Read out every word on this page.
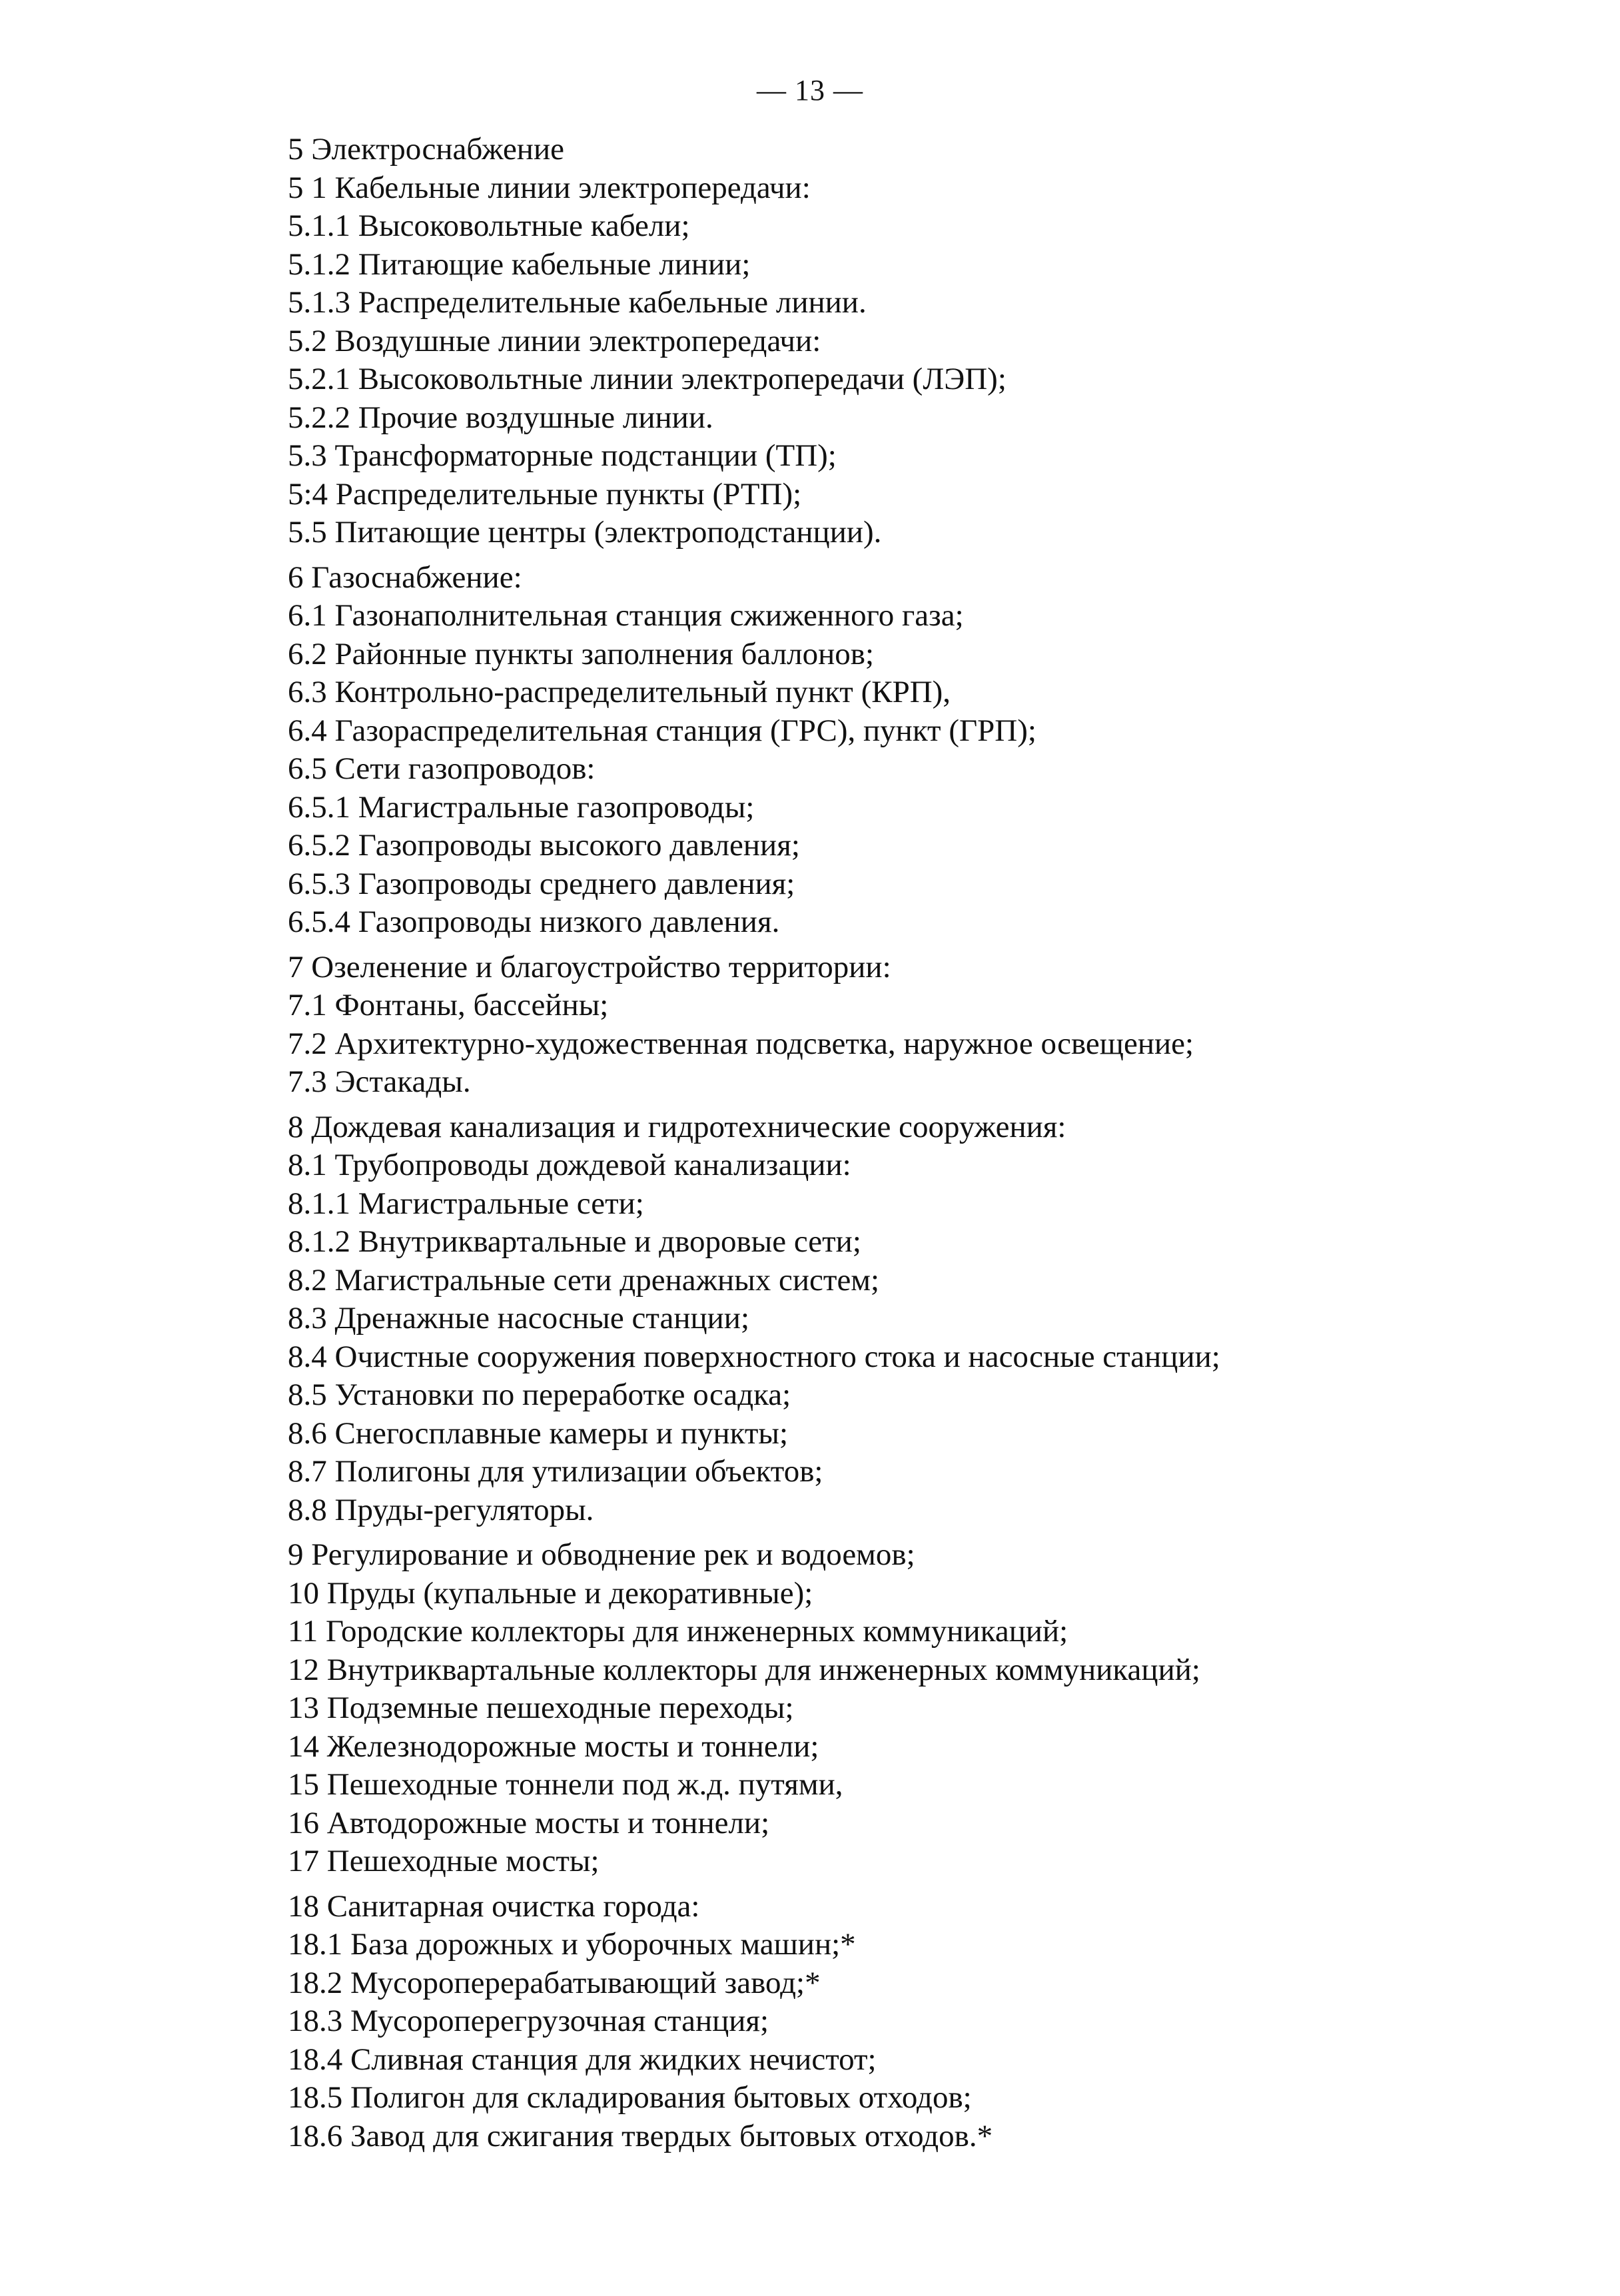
— 13 —
5 Электроснабжение
5 1 Кабельные линии электропередачи:
5.1.1 Высоковольтные кабели;
5.1.2 Питающие кабельные линии;
5.1.3 Распределительные кабельные линии.
5.2 Воздушные линии электропередачи:
5.2.1 Высоковольтные линии электропередачи (ЛЭП);
5.2.2 Прочие воздушные линии.
5.3 Трансформаторные подстанции (ТП);
5:4 Распределительные пункты (РТП);
5.5 Питающие центры (электроподстанции).
6 Газоснабжение:
6.1 Газонаполнительная станция сжиженного газа;
6.2 Районные пункты заполнения баллонов;
6.3 Контрольно-распределительный пункт (КРП),
6.4 Газораспределительная станция (ГРС), пункт (ГРП);
6.5 Сети газопроводов:
6.5.1 Магистральные газопроводы;
6.5.2 Газопроводы высокого давления;
6.5.3 Газопроводы среднего давления;
6.5.4 Газопроводы низкого давления.
7 Озеленение и благоустройство территории:
7.1 Фонтаны, бассейны;
7.2 Архитектурно-художественная подсветка, наружное освещение;
7.3 Эстакады.
8 Дождевая канализация и гидротехнические сооружения:
8.1 Трубопроводы дождевой канализации:
8.1.1 Магистральные сети;
8.1.2 Внутриквартальные и дворовые сети;
8.2 Магистральные сети дренажных систем;
8.3 Дренажные насосные станции;
8.4 Очистные сооружения поверхностного стока и насосные станции;
8.5 Установки по переработке осадка;
8.6 Снегосплавные камеры и пункты;
8.7 Полигоны для утилизации объектов;
8.8 Пруды-регуляторы.
9 Регулирование и обводнение рек и водоемов;
10 Пруды (купальные и декоративные);
11 Городские коллекторы для инженерных коммуникаций;
12 Внутриквартальные коллекторы для инженерных коммуникаций;
13 Подземные пешеходные переходы;
14 Железнодорожные мосты и тоннели;
15 Пешеходные тоннели под ж.д. путями,
16 Автодорожные мосты и тоннели;
17 Пешеходные мосты;
18 Санитарная очистка города:
18.1 База дорожных и уборочных машин;*
18.2 Мусороперерабатывающий завод;*
18.3 Мусороперегрузочная станция;
18.4 Сливная станция для жидких нечистот;
18.5 Полигон для складирования бытовых отходов;
18.6 Завод для сжигания твердых бытовых отходов.*
